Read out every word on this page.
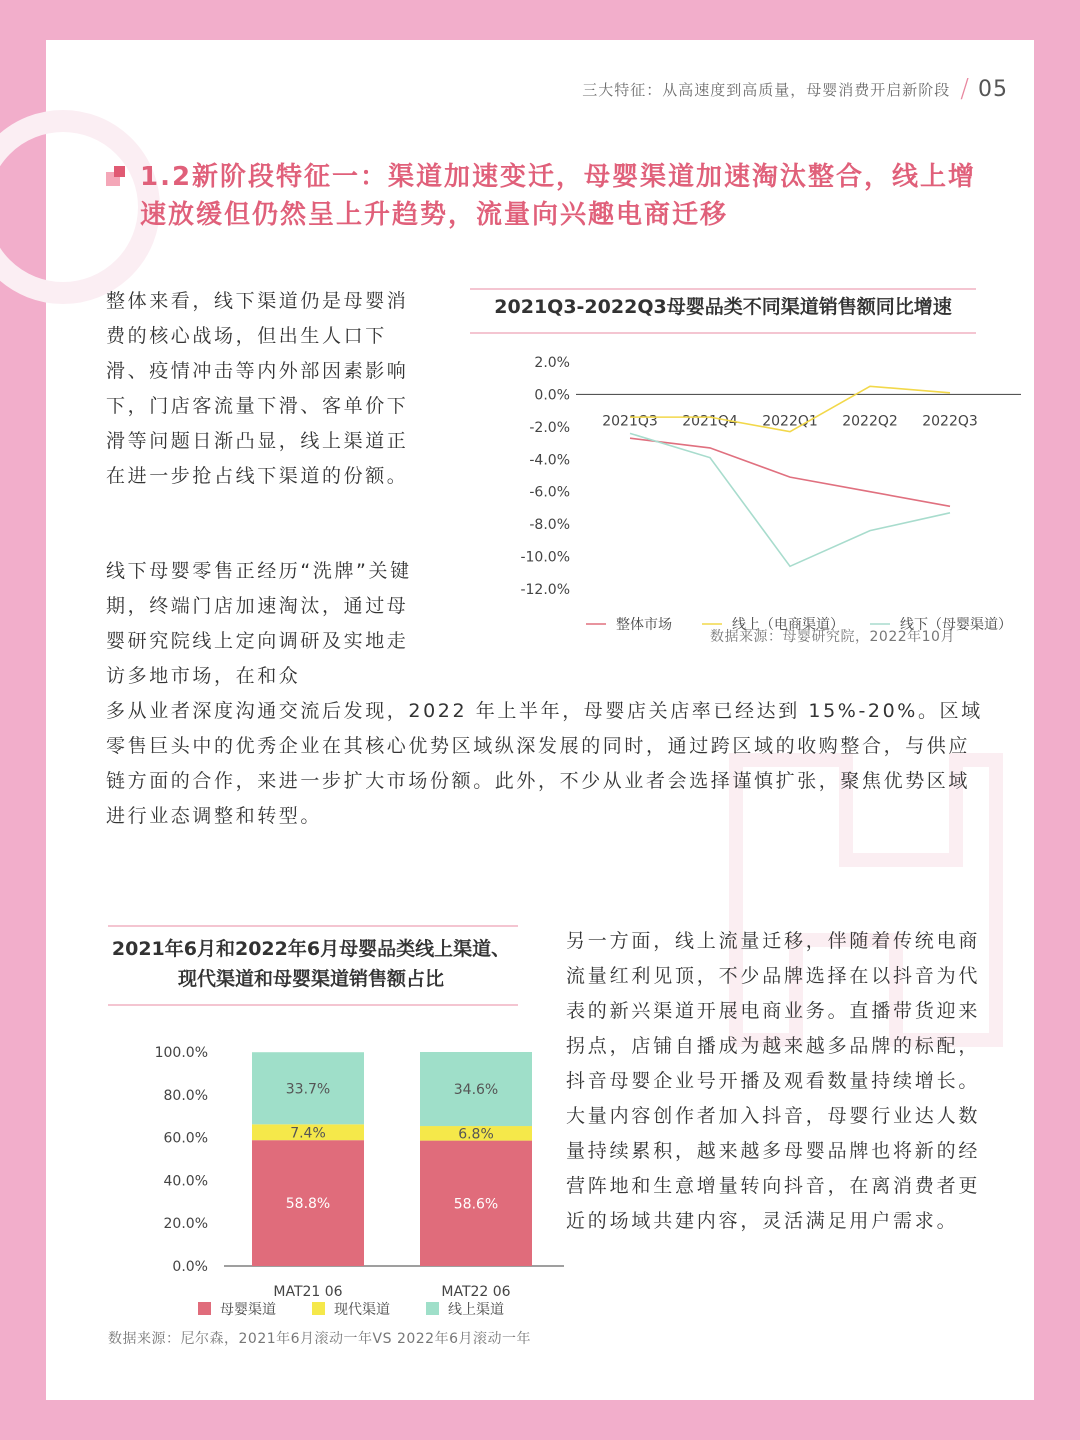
三大特征：从高速度到高质量，母婴消费开启新阶段 / 05
1.2新阶段特征一：渠道加速变迁，母婴渠道加速淘汰整合，线上增速放缓但仍然呈上升趋势，流量向兴趣电商迁移
整体来看，线下渠道仍是母婴消费的核心战场，但出生人口下滑、疫情冲击等内外部因素影响下，门店客流量下滑、客单价下滑等问题日渐凸显，线上渠道正在进一步抢占线下渠道的份额。
线下母婴零售正经历“洗牌”关键期，终端门店加速淘汰，通过母婴研究院线上定向调研及实地走访多地市场，在和众
多从业者深度沟通交流后发现，2022 年上半年，母婴店关店率已经达到 15%-20%。区域零售巨头中的优秀企业在其核心优势区域纵深发展的同时，通过跨区域的收购整合，与供应链方面的合作，来进一步扩大市场份额。此外，不少从业者会选择谨慎扩张，聚焦优势区域进行业态调整和转型。
另一方面，线上流量迁移，伴随着传统电商流量红利见顶，不少品牌选择在以抖音为代表的新兴渠道开展电商业务。直播带货迎来拐点，店铺自播成为越来越多品牌的标配，抖音母婴企业号开播及观看数量持续增长。大量内容创作者加入抖音，母婴行业达人数量持续累积，越来越多母婴品牌也将新的经营阵地和生意增量转向抖音，在离消费者更近的场域共建内容，灵活满足用户需求。
2021Q3-2022Q3母婴品类不同渠道销售额同比增速
2.0%
0.0%
-2.0%
-4.0%
-6.0%
-8.0%
-10.0%
-12.0%
2021Q3 2021Q4 2022Q1 2022Q2 2022Q3
整体市场	线上（电商渠道）	线下（母婴渠道）
数据来源：母婴研究院，2022年10月
2021年6月和2022年6月母婴品类线上渠道、
现代渠道和母婴渠道销售额占比
100.0%
80.0%
60.0%
40.0%
20.0%
0.0%
58.8%
7.4%
33.7%
MAT21 06
58.6%
6.8%
34.6%
MAT22 06
母婴渠道	现代渠道	线上渠道
数据来源：尼尔森，2021年6月滚动一年VS 2022年6月滚动一年
